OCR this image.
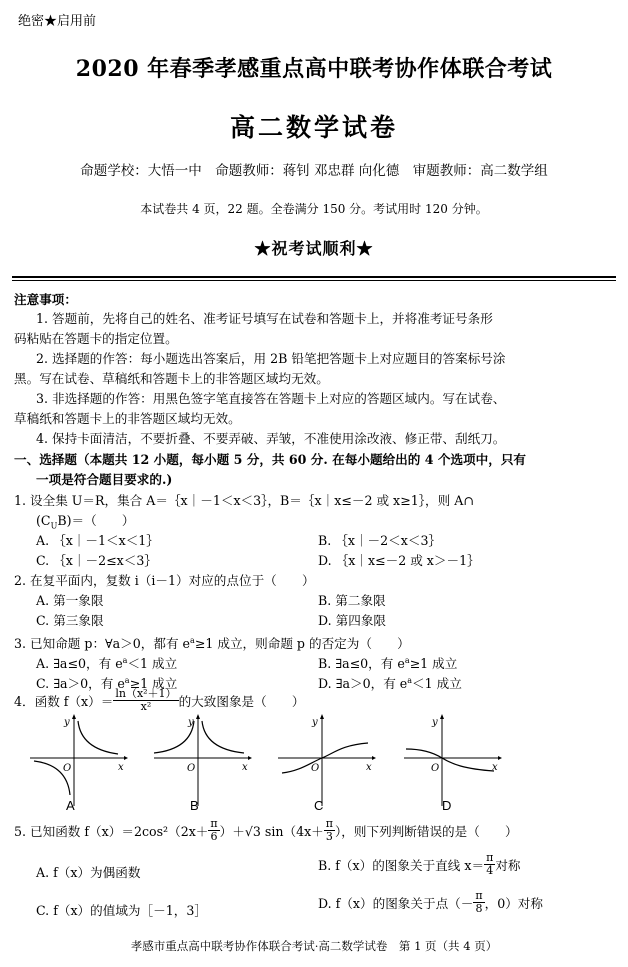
绝密★启用前
2020 年春季孝感重点高中联考协作体联合考试
高二数学试卷
命题学校：大悟一中　命题教师：蒋钊 邓忠群 向化德　审题教师：高二数学组
本试卷共 4 页，22 题。全卷满分 150 分。考试用时 120 分钟。
★祝考试顺利★
注意事项：
1. 答题前，先将自己的姓名、准考证号填写在试卷和答题卡上，并将准考证号条形
码粘贴在答题卡的指定位置。
2. 选择题的作答：每小题选出答案后，用 2B 铅笔把答题卡上对应题目的答案标号涂
黑。写在试卷、草稿纸和答题卡上的非答题区域均无效。
3. 非选择题的作答：用黑色签字笔直接答在答题卡上对应的答题区域内。写在试卷、
草稿纸和答题卡上的非答题区域均无效。
4. 保持卡面清洁，不要折叠、不要弄破、弄皱，不准使用涂改液、修正带、刮纸刀。
一、选择题（本题共 12 小题，每小题 5 分，共 60 分. 在每小题给出的 4 个选项中，只有
一项是符合题目要求的.)
1. 设全集 U＝R，集合 A＝｛x｜－1＜x＜3｝，B＝｛x｜x≤－2 或 x≥1｝，则 A∩
$(C_UB)=$（　　）
A. ｛x｜－1＜x＜1｝	B. ｛x｜－2＜x＜3｝
C. ｛x｜－2≤x＜3｝	D. ｛x｜x≤－2 或 x＞－1｝
2. 在复平面内，复数 i（i－1）对应的点位于（　　）
A. 第一象限	B. 第二象限
C. 第三象限	D. 第四象限
3. 已知命题 p：∀a＞0，都有 $e^a\ge 1$ 成立，则命题 p 的否定为（　　）
A. ∃a≤0，有 $e^a<1$ 成立	B. ∃a≤0，有 $e^a\ge 1$ 成立
C. ∃a＞0，有 $e^a\ge 1$ 成立	D. ∃a＞0，有 $e^a<1$ 成立
4．函数 $f(x)= \frac{\text{ln（x²＋1）}}{\text{x²}}$ 的大致图象是（　　）
y
x
O
A
y
x
O
B
y
x
O
C
y
x
O
D
5. 已知函数 $f(x)=2\cos^2(2x+ \frac{\pi}{6} )+√3$ $\sin(4x+ \frac{\pi}{3}$ ），则下列判断错误的是（　　）
A. f（x）为偶函数	B. f（x）的图象关于直线 $x= \frac{\pi}{4}$ 对称
C. f（x）的值域为［－1，3］	D. f（x）的图象关于点（－ $\frac{\pi}{8}$ ，0）对称
孝感市重点高中联考协作体联合考试·高二数学试卷　第 1 页（共 4 页）
